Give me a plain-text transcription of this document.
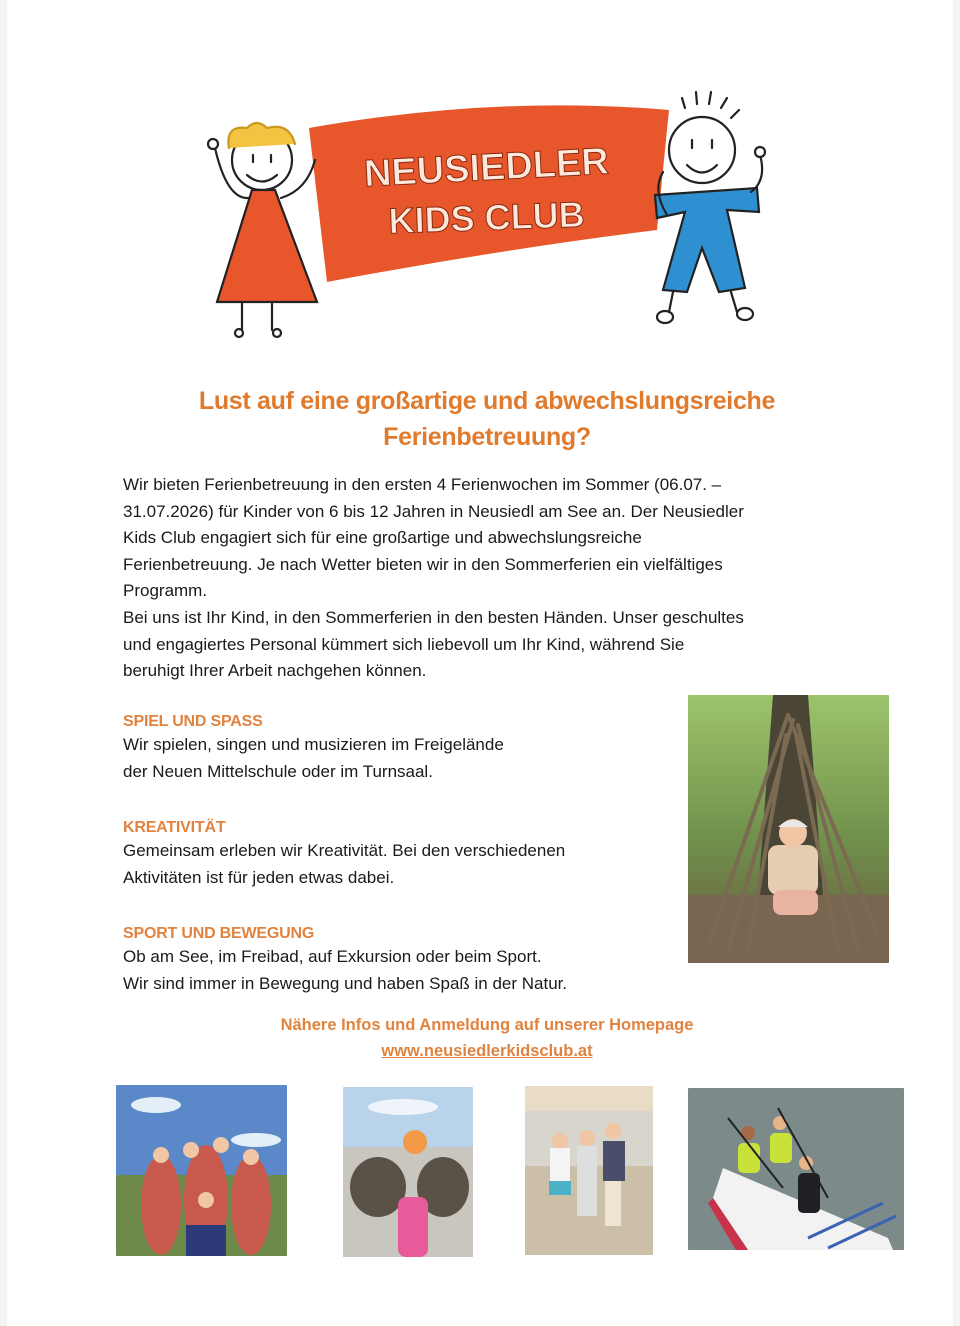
NEUSIEDLER
KIDS CLUB
Lust auf eine großartige und abwechslungsreiche
Ferienbetreuung?
Wir bieten Ferienbetreuung in den ersten 4 Ferienwochen im Sommer (06.07. –
31.07.2026) für Kinder von 6 bis 12 Jahren in Neusiedl am See an. Der Neusiedler
Kids Club engagiert sich für eine großartige und abwechslungsreiche
Ferienbetreuung. Je nach Wetter bieten wir in den Sommerferien ein vielfältiges
Programm.
Bei uns ist Ihr Kind, in den Sommerferien in den besten Händen. Unser geschultes
und engagiertes Personal kümmert sich liebevoll um Ihr Kind, während Sie
beruhigt Ihrer Arbeit nachgehen können.
SPIEL UND SPASS
Wir spielen, singen und musizieren im Freigelände
der Neuen Mittelschule oder im Turnsaal.
KREATIVITÄT
Gemeinsam erleben wir Kreativität. Bei den verschiedenen
Aktivitäten ist für jeden etwas dabei.
SPORT UND BEWEGUNG
Ob am See, im Freibad, auf Exkursion oder beim Sport.
Wir sind immer in Bewegung und haben Spaß in der Natur.
Nähere Infos und Anmeldung auf unserer Homepage
www.neusiedlerkidsclub.at
